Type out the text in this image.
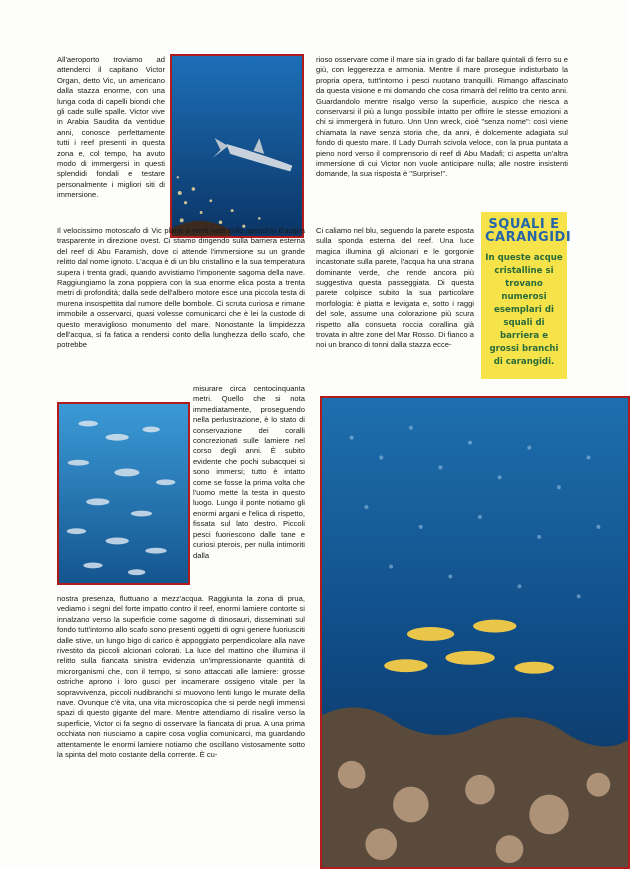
All'aeroporto troviamo ad attenderci il capitano Victor Organ, detto Vic, un americano dalla stazza enorme, con una lunga coda di capelli biondi che gli cade sulle spalle. Victor vive in Arabia Saudita da ventidue anni, conosce perfettamente tutti i reef presenti in questa zona e, col tempo, ha avuto modo di immergersi in questi splendidi fondali e testare personalmente i migliori siti di immersione.

Il velocissimo motoscafo di Vic plana a venti nodi sullo specchio d'acqua trasparente in direzione ovest. Ci stiamo dirigendo sulla barriera esterna del reef di Abu Faramish, dove ci attende l'immersione su un grande relitto dal nome ignoto. L'acqua è di un blu cristallino e la sua temperatura supera i trenta gradi, quando avvistiamo l'imponente sagoma della nave. Raggiungiamo la zona poppiera con la sua enorme elica posta a trenta metri di profondità; dalla sede dell'albero motore esce una piccola testa di murena insospettita dal rumore delle bombole. Ci scruta curiosa e rimane immobile a osservarci, quasi volesse comunicarci che è lei la custode di questo meraviglioso monumento del mare. Nonostante la limpidezza dell'acqua, si fa fatica a rendersi conto della lunghezza dello scafo, che potrebbe

misurare circa centocinquanta metri. Quello che si nota immediatamente, proseguendo nella perlustrazione, è lo stato di conservazione dei coralli concrezionati sulle lamiere nel corso degli anni. È subito evidente che pochi subacquei si sono immersi; tutto è intatto come se fosse la prima volta che l'uomo mette la testa in questo luogo. Lungo il ponte notiamo gli enormi argani e l'elica di rispetto, fissata sul lato destro. Piccoli pesci fuoriescono dalle tane e curiosi pterois, per nulla intimoriti dalla

nostra presenza, fluttuano a mezz'acqua. Raggiunta la zona di prua, vediamo i segni del forte impatto contro il reef, enormi lamiere contorte si innalzano verso la superficie come sagome di dinosauri, disseminati sul fondo tutt'intorno allo scafo sono presenti oggetti di ogni genere fuoriusciti dalle stive, un lungo bigo di carico è appoggiato perpendicolare alla nave rivestito da piccoli alcionari colorati. La luce del mattino che illumina il relitto sulla fiancata sinistra evidenzia un'impressionante quantità di microrganismi che, con il tempo, si sono attaccati alle lamiere: grosse ostriche aprono i loro gusci per incamerare ossigeno vitale per la sopravvivenza, piccoli nudibranchi si muovono lenti lungo le murate della nave. Ovunque c'è vita, una vita microscopica che si perde negli immensi spazi di questo gigante del mare. Mentre attendiamo di risalire verso la superficie, Victor ci fa segno di osservare la fiancata di prua. A una prima occhiata non riusciamo a capire cosa voglia comunicarci, ma guardando attentamente le enormi lamiere notiamo che oscillano vistosamente sotto la spinta del moto costante della corrente. È cu-

rioso osservare come il mare sia in grado di far ballare quintali di ferro su e giù, con leggerezza e armonia. Mentre il mare prosegue indisturbato la propria opera, tutt'intorno i pesci nuotano tranquilli. Rimango affascinato da questa visione e mi domando che cosa rimarrà del relitto tra cento anni. Guardandolo mentre risalgo verso la superficie, auspico che riesca a conservarsi il più a lungo possibile intatto per offrire le stesse emozioni a chi si immergerà in futuro. Unn Unn wreck, cioè "senza nome": così viene chiamata la nave senza storia che, da anni, è dolcemente adagiata sul fondo di questo mare. Il Lady Durrah scivola veloce, con la prua puntata a pieno nord verso il comprensorio di reef di Abu Madafi; ci aspetta un'altra immersione di cui Victor non vuole anticipare nulla; alle nostre insistenti domande, la sua risposta è "Surprise!".

Ci caliamo nel blu, seguendo la parete esposta sulla sponda esterna del reef. Una luce magica illumina gli alcionari e le gorgonie incastonate sulla parete, l'acqua ha una strana dominante verde, che rende ancora più suggestiva questa passeggiata. Di questa parete colpisce subito la sua particolare morfologia: è piatta e levigata e, sotto i raggi del sole, assume una colorazione più scura rispetto alla consueta roccia corallina già trovata in altre zone del Mar Rosso. Di fianco a noi un branco di tonni dalla stazza ecce-

SQUALI E
CARANGIDI
In queste acque cristalline si trovano numerosi esemplari di squali di barriera e grossi branchi di carangidi.
